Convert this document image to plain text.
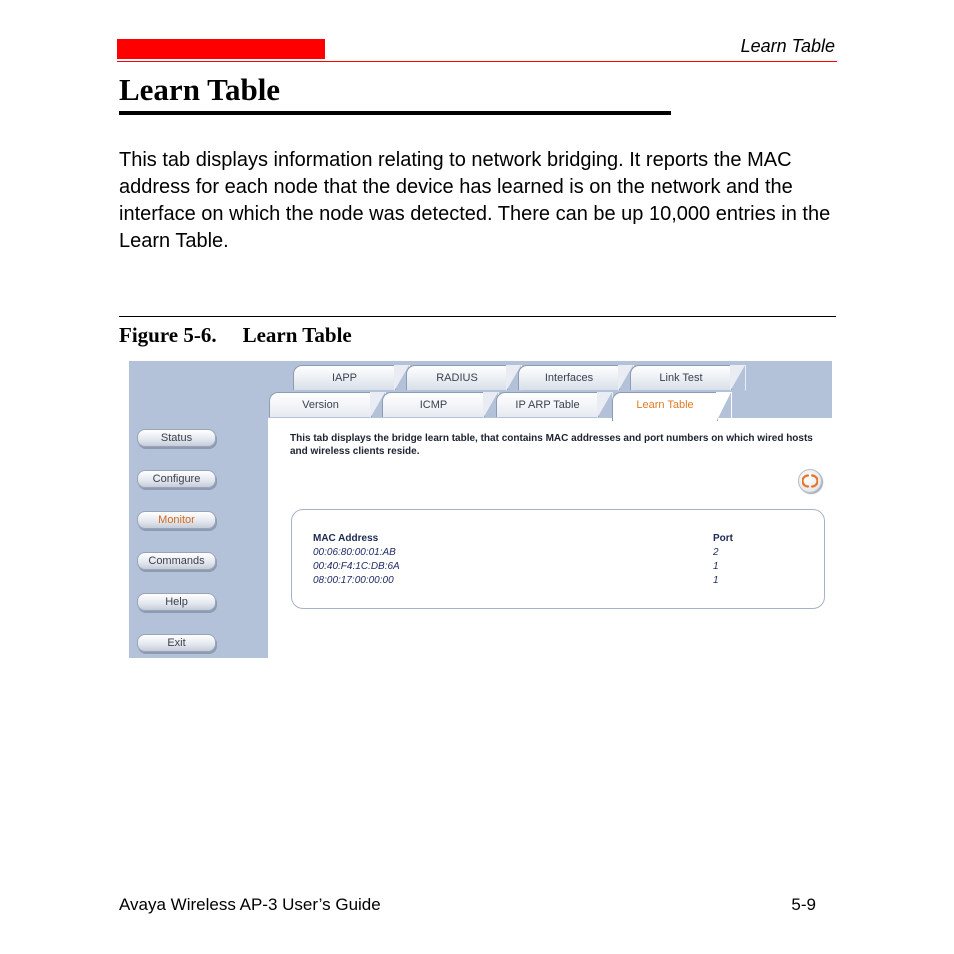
Learn Table
Learn Table

This tab displays information relating to network bridging. It reports the MAC address for each node that the device has learned is on the network and the interface on which the node was detected. There can be up 10,000 entries in the Learn Table.

Figure 5-6. Learn Table
Status
Configure
Monitor
Commands
Help
Exit
IAPP	RADIUS	Interfaces	Link Test
Version	ICMP	IP ARP Table	Learn Table
This tab displays the bridge learn table, that contains MAC addresses and port numbers on which wired hosts and wireless clients reside.
MAC Address	Port
00:06:80:00:01:AB	2
00:40:F4:1C:DB:6A	1
08:00:17:00:00:00	1
Avaya Wireless AP-3 User’s Guide	5-9
